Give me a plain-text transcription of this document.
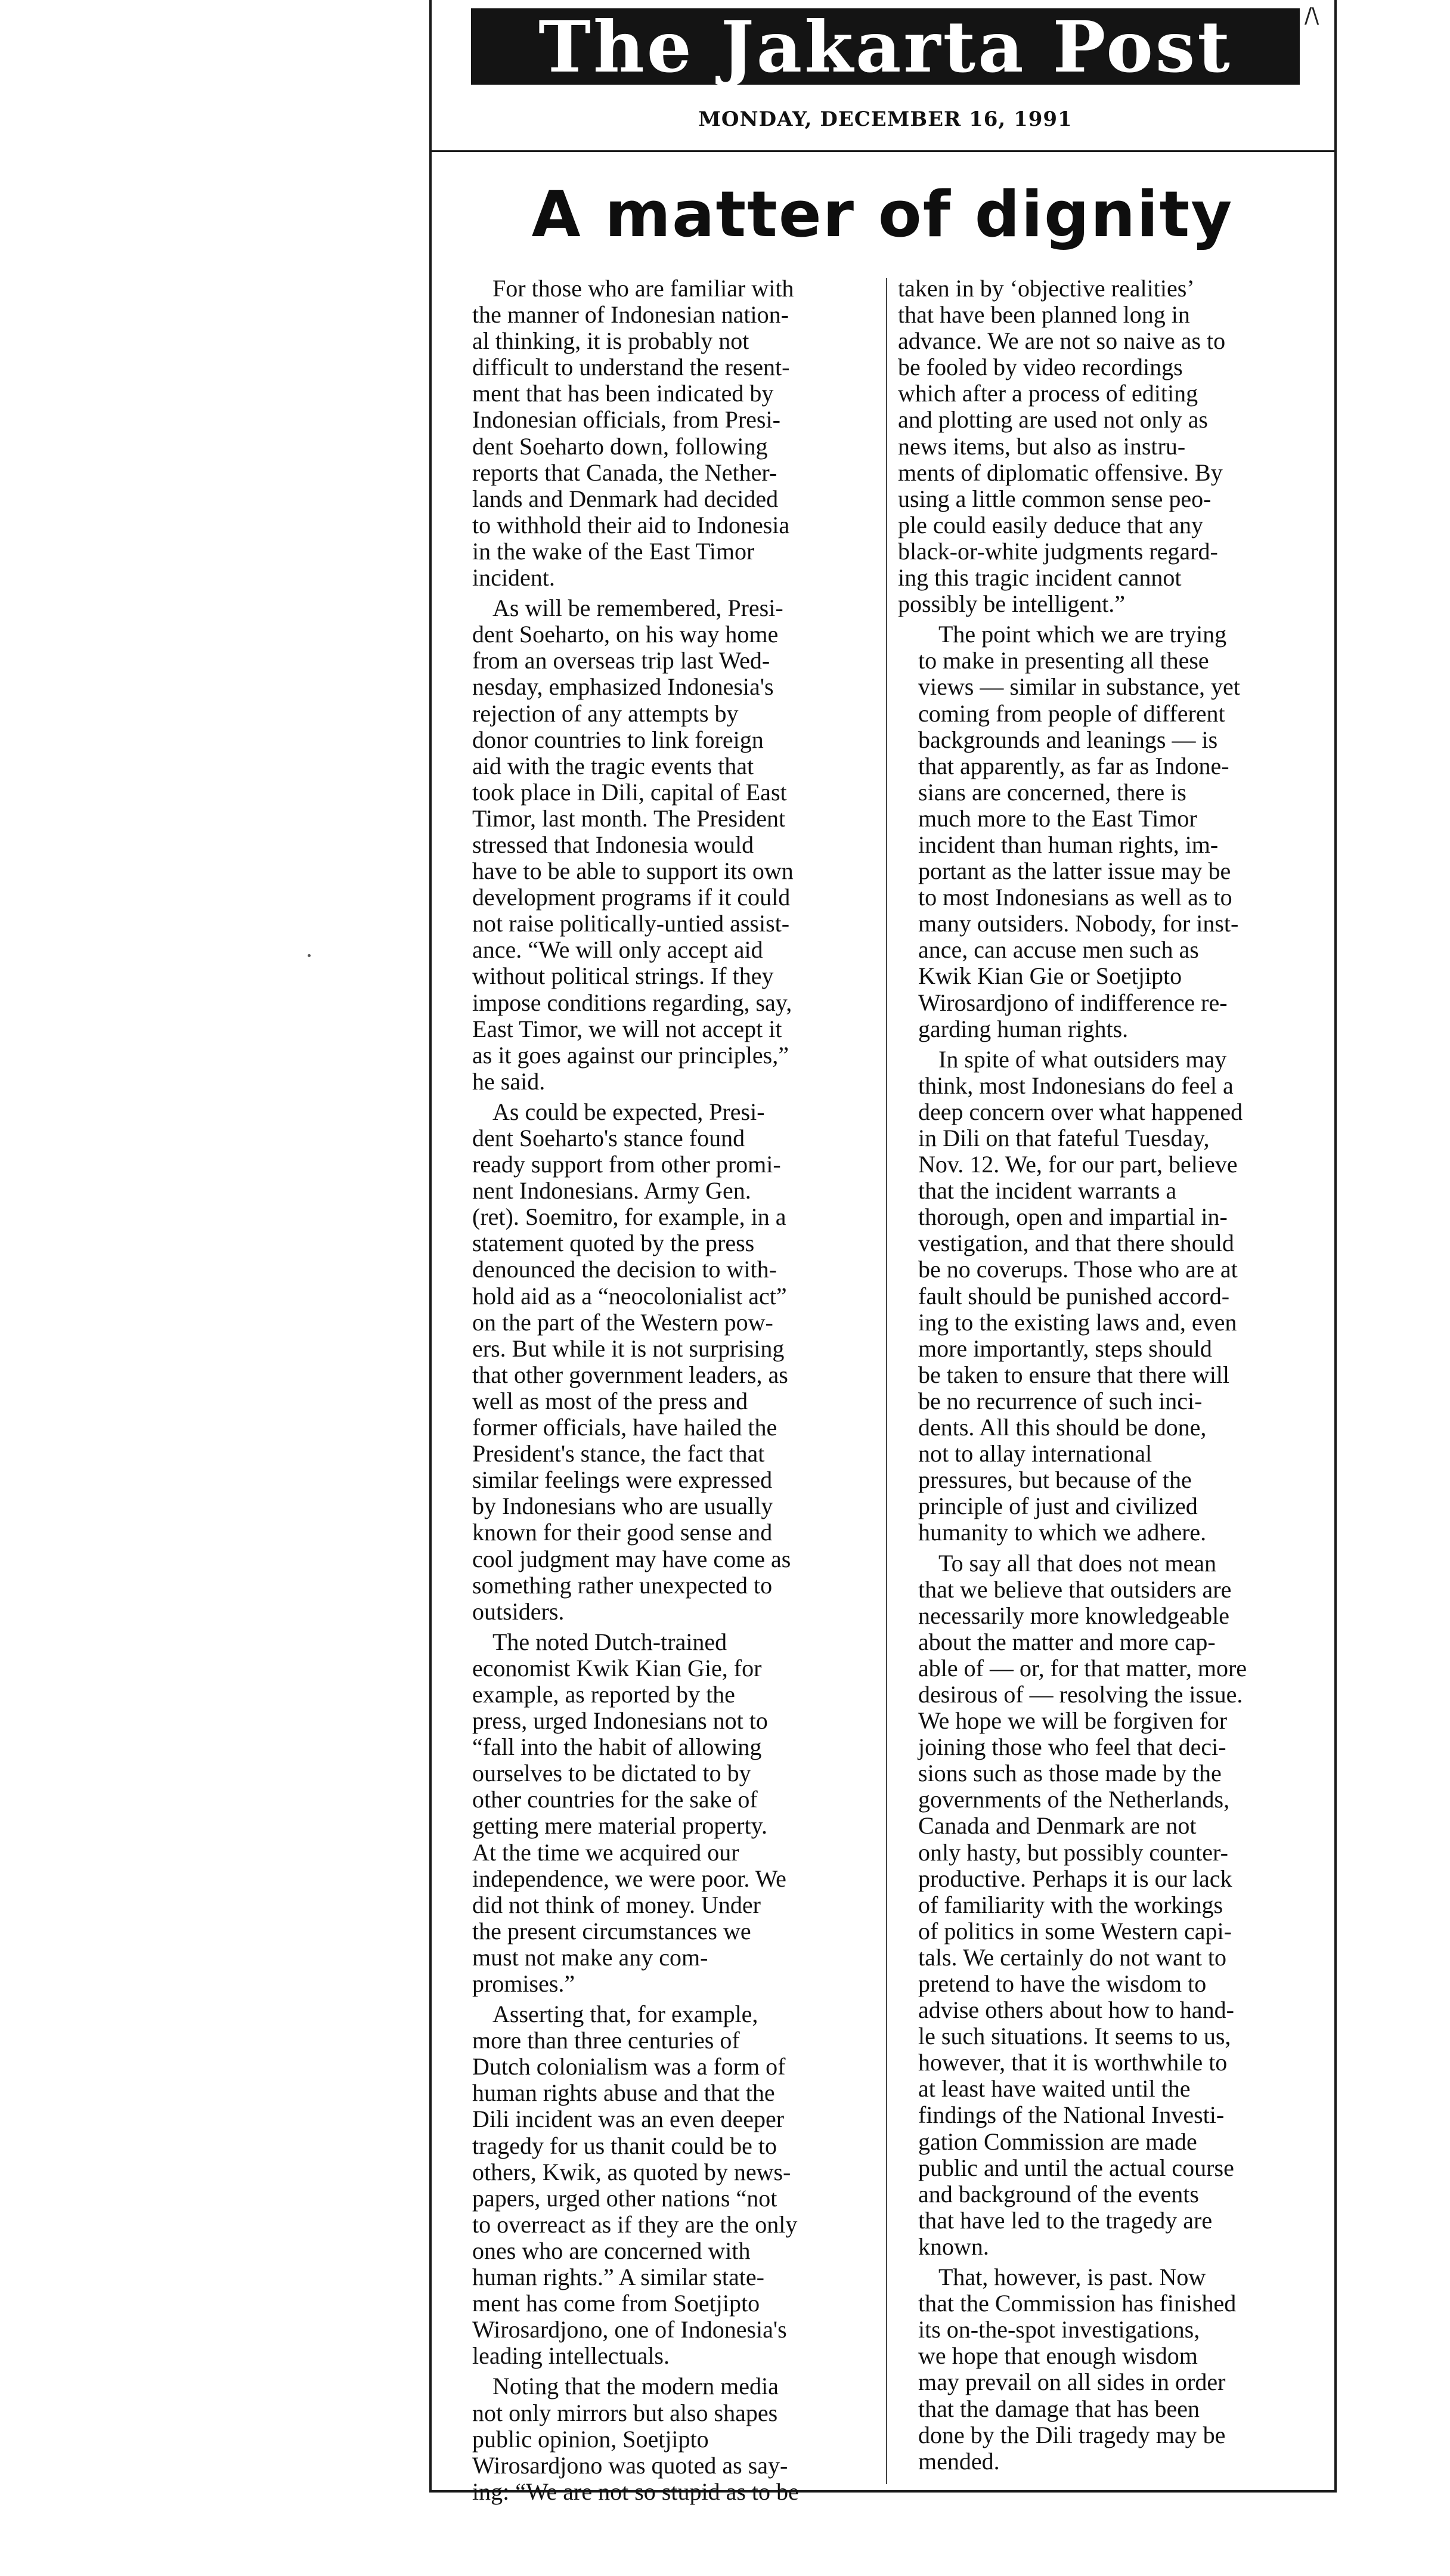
The Jakarta Post	/\
MONDAY, DECEMBER 16, 1991
A matter of dignity

For those who are familiar with
the manner of Indonesian nation-
al thinking, it is probably not
difficult to understand the resent-
ment that has been indicated by
Indonesian officials, from Presi-
dent Soeharto down, following
reports that Canada, the Nether-
lands and Denmark had decided
to withhold their aid to Indonesia
in the wake of the East Timor
incident.

As will be remembered, Presi-
dent Soeharto, on his way home
from an overseas trip last Wed-
nesday, emphasized Indonesia's
rejection of any attempts by
donor countries to link foreign
aid with the tragic events that
took place in Dili, capital of East
Timor, last month. The President
stressed that Indonesia would
have to be able to support its own
development programs if it could
not raise politically-untied assist-
ance. “We will only accept aid
without political strings. If they
impose conditions regarding, say,
East Timor, we will not accept it
as it goes against our principles,”
he said.

As could be expected, Presi-
dent Soeharto's stance found
ready support from other promi-
nent Indonesians. Army Gen.
(ret). Soemitro, for example, in a
statement quoted by the press
denounced the decision to with-
hold aid as a “neocolonialist act”
on the part of the Western pow-
ers. But while it is not surprising
that other government leaders, as
well as most of the press and
former officials, have hailed the
President's stance, the fact that
similar feelings were expressed
by Indonesians who are usually
known for their good sense and
cool judgment may have come as
something rather unexpected to
outsiders.

The noted Dutch-trained
economist Kwik Kian Gie, for
example, as reported by the
press, urged Indonesians not to
“fall into the habit of allowing
ourselves to be dictated to by
other countries for the sake of
getting mere material property.
At the time we acquired our
independence, we were poor. We
did not think of money. Under
the present circumstances we
must not make any com-
promises.”

Asserting that, for example,
more than three centuries of
Dutch colonialism was a form of
human rights abuse and that the
Dili incident was an even deeper
tragedy for us thanit could be to
others, Kwik, as quoted by news-
papers, urged other nations “not
to overreact as if they are the only
ones who are concerned with
human rights.” A similar state-
ment has come from Soetjipto
Wirosardjono, one of Indonesia's
leading intellectuals.

Noting that the modern media
not only mirrors but also shapes
public opinion, Soetjipto
Wirosardjono was quoted as say-
ing: “We are not so stupid as to be

taken in by ‘objective realities’
that have been planned long in
advance. We are not so naive as to
be fooled by video recordings
which after a process of editing
and plotting are used not only as
news items, but also as instru-
ments of diplomatic offensive. By
using a little common sense peo-
ple could easily deduce that any
black-or-white judgments regard-
ing this tragic incident cannot
possibly be intelligent.”

The point which we are trying
to make in presenting all these
views — similar in substance, yet
coming from people of different
backgrounds and leanings — is
that apparently, as far as Indone-
sians are concerned, there is
much more to the East Timor
incident than human rights, im-
portant as the latter issue may be
to most Indonesians as well as to
many outsiders. Nobody, for inst-
ance, can accuse men such as
Kwik Kian Gie or Soetjipto
Wirosardjono of indifference re-
garding human rights.

In spite of what outsiders may
think, most Indonesians do feel a
deep concern over what happened
in Dili on that fateful Tuesday,
Nov. 12. We, for our part, believe
that the incident warrants a
thorough, open and impartial in-
vestigation, and that there should
be no coverups. Those who are at
fault should be punished accord-
ing to the existing laws and, even
more importantly, steps should
be taken to ensure that there will
be no recurrence of such inci-
dents. All this should be done,
not to allay international
pressures, but because of the
principle of just and civilized
humanity to which we adhere.

To say all that does not mean
that we believe that outsiders are
necessarily more knowledgeable
about the matter and more cap-
able of — or, for that matter, more
desirous of — resolving the issue.
We hope we will be forgiven for
joining those who feel that deci-
sions such as those made by the
governments of the Netherlands,
Canada and Denmark are not
only hasty, but possibly counter-
productive. Perhaps it is our lack
of familiarity with the workings
of politics in some Western capi-
tals. We certainly do not want to
pretend to have the wisdom to
advise others about how to hand-
le such situations. It seems to us,
however, that it is worthwhile to
at least have waited until the
findings of the National Investi-
gation Commission are made
public and until the actual course
and background of the events
that have led to the tragedy are
known.

That, however, is past. Now
that the Commission has finished
its on-the-spot investigations,
we hope that enough wisdom
may prevail on all sides in order
that the damage that has been
done by the Dili tragedy may be
mended.
